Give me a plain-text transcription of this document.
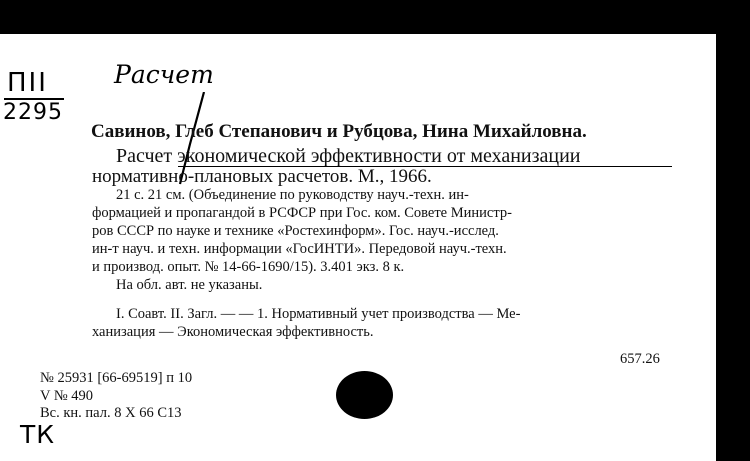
ПII
2295
Расчет
Савинов, Глеб Степанович и Рубцова, Нина Михайловна.
Расчет экономической эффективности от механизации
нормативно-плановых расчетов. М., 1966.
21 с. 21 см. (Объединение по руководству науч.-техн. ин-
формацией и пропагандой в РСФСР при Гос. ком. Совете Министр-
ров СССР по науке и технике «Ростехинформ». Гос. науч.-исслед.
ин-т науч. и техн. информации «ГосИНТИ». Передовой науч.-техн.
и производ. опыт. № 14-66-1690/15). 3.401 экз. 8 к.
На обл. авт. не указаны.
I. Соавт. II. Загл. — — 1. Нормативный учет производства — Ме-
ханизация — Экономическая эффективность.
657.26
№ 25931 [66-69519] п 10
V № 490
Вс. кн. пал. 8 X 66 С13
ТК
